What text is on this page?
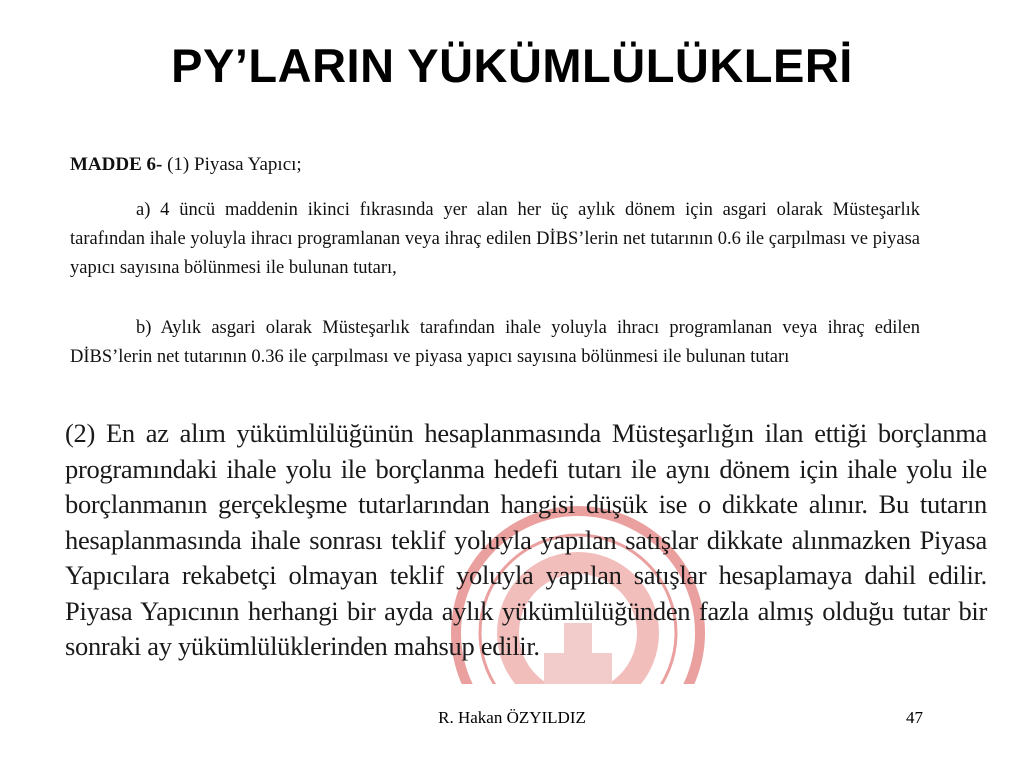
PY’LARIN YÜKÜMLÜLÜKLERİ
MADDE 6- (1) Piyasa Yapıcı;

a) 4 üncü maddenin ikinci fıkrasında yer alan her üç aylık dönem için asgari olarak Müsteşarlık tarafından ihale yoluyla ihracı programlanan veya ihraç edilen DİBS’lerin net tutarının 0.6 ile çarpılması ve piyasa yapıcı sayısına bölünmesi ile bulunan tutarı,

b) Aylık asgari olarak Müsteşarlık tarafından ihale yoluyla ihracı programlanan veya ihraç edilen DİBS’lerin net tutarının 0.36 ile çarpılması ve piyasa yapıcı sayısına bölünmesi ile bulunan tutarı

(2) En az alım yükümlülüğünün hesaplanmasında Müsteşarlığın ilan ettiği borçlanma programındaki ihale yolu ile borçlanma hedefi tutarı ile aynı dönem için ihale yolu ile borçlanmanın gerçekleşme tutarlarından hangisi düşük ise o dikkate alınır. Bu tutarın hesaplanmasında ihale sonrası teklif yoluyla yapılan satışlar dikkate alınmazken Piyasa Yapıcılara rekabetçi olmayan teklif yoluyla yapılan satışlar hesaplamaya dahil edilir. Piyasa Yapıcının herhangi bir ayda aylık yükümlülüğünden fazla almış olduğu tutar bir sonraki ay yükümlülüklerinden mahsup edilir.

R. Hakan ÖZYILDIZ	47
